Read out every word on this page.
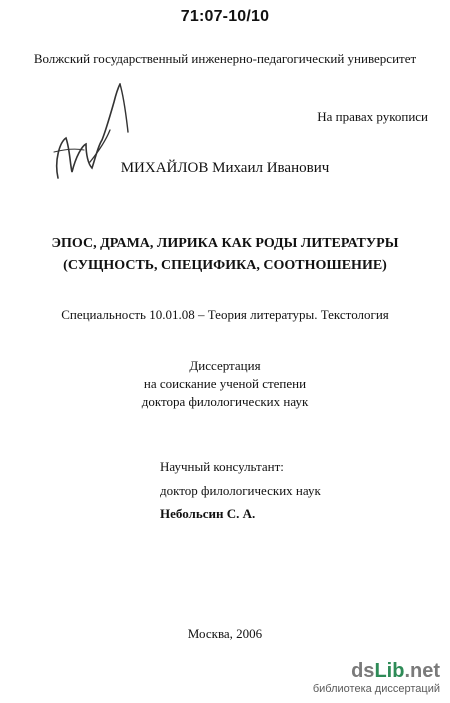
71:07-10/10
Волжский государственный инженерно-педагогический университет
На правах рукописи
МИХАЙЛОВ Михаил Иванович
ЭПОС, ДРАМА, ЛИРИКА КАК РОДЫ ЛИТЕРАТУРЫ
(СУЩНОСТЬ, СПЕЦИФИКА, СООТНОШЕНИЕ)
Специальность 10.01.08 – Теория литературы. Текстология
Диссертация
на соискание ученой степени
доктора филологических наук
Научный консультант:
доктор филологических наук
Небольсин С. А.
Москва, 2006
dsLib.net
библиотека диссертаций
